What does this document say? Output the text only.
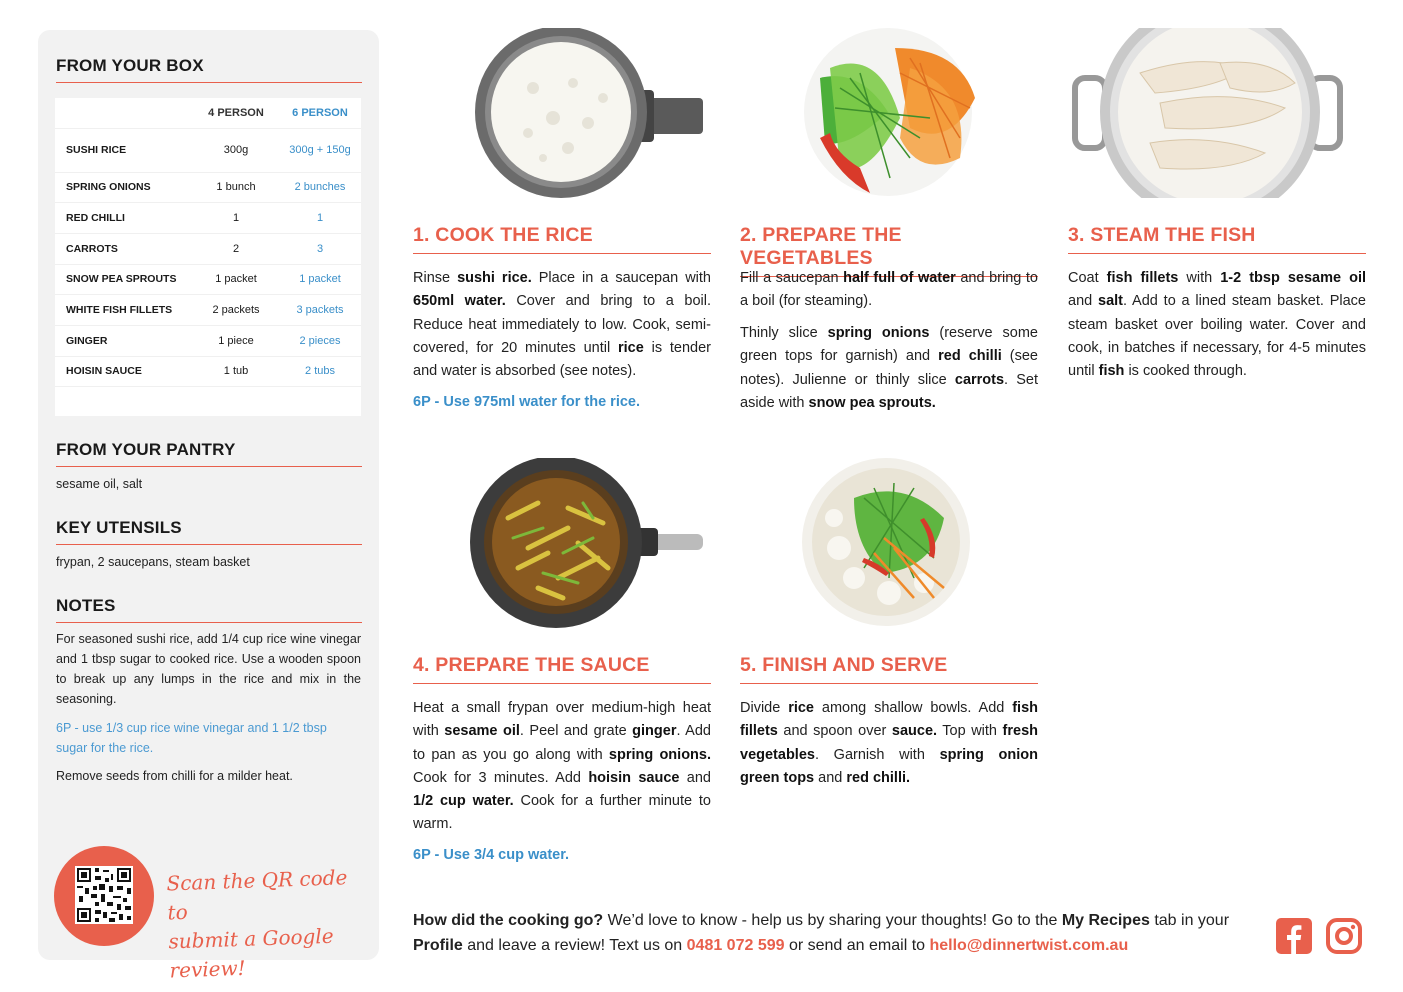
FROM YOUR BOX
	4 PERSON	6 PERSON
SUSHI RICE	300g	300g + 150g
SPRING ONIONS	1 bunch	2 bunches
RED CHILLI	1	1
CARROTS	2	3
SNOW PEA SPROUTS	1 packet	1 packet
WHITE FISH FILLETS	2 packets	3 packets
GINGER	1 piece	2 pieces
HOISIN SAUCE	1 tub	2 tubs
FROM YOUR PANTRY
sesame oil, salt
KEY UTENSILS
frypan, 2 saucepans, steam basket
NOTES
For seasoned sushi rice, add 1/4 cup rice wine vinegar and 1 tbsp sugar to cooked rice. Use a wooden spoon to break up any lumps in the rice and mix in the seasoning.
6P - use 1/3 cup rice wine vinegar and 1 1/2 tbsp sugar for the rice.
Remove seeds from chilli for a milder heat.
Scan the QR code to
submit a Google review!
1. COOK THE RICE	2. PREPARE THE VEGETABLES
3. STEAM THE FISH
4. PREPARE THE SAUCE	5. FINISH AND SERVE
Rinse sushi rice. Place in a saucepan with 650ml water. Cover and bring to a boil. Reduce heat immediately to low. Cook, semi-covered, for 20 minutes until rice is tender and water is absorbed (see notes).
6P - Use 975ml water for the rice.
Fill a saucepan half full of water and bring to a boil (for steaming).
Thinly slice spring onions (reserve some green tops for garnish) and red chilli (see notes). Julienne or thinly slice carrots. Set aside with snow pea sprouts.
Coat fish fillets with 1-2 tbsp sesame oil and salt. Add to a lined steam basket. Place steam basket over boiling water. Cover and cook, in batches if necessary, for 4-5 minutes until fish is cooked through.
Heat a small frypan over medium-high heat with sesame oil. Peel and grate ginger. Add to pan as you go along with spring onions. Cook for 3 minutes. Add hoisin sauce and 1/2 cup water. Cook for a further minute to warm.
6P - Use 3/4 cup water.
Divide rice among shallow bowls. Add fish fillets and spoon over sauce. Top with fresh vegetables. Garnish with spring onion green tops and red chilli.
How did the cooking go? We’d love to know - help us by sharing your thoughts! Go to the My Recipes tab in your Profile and leave a review! Text us on 0481 072 599 or send an email to hello@dinnertwist.com.au
